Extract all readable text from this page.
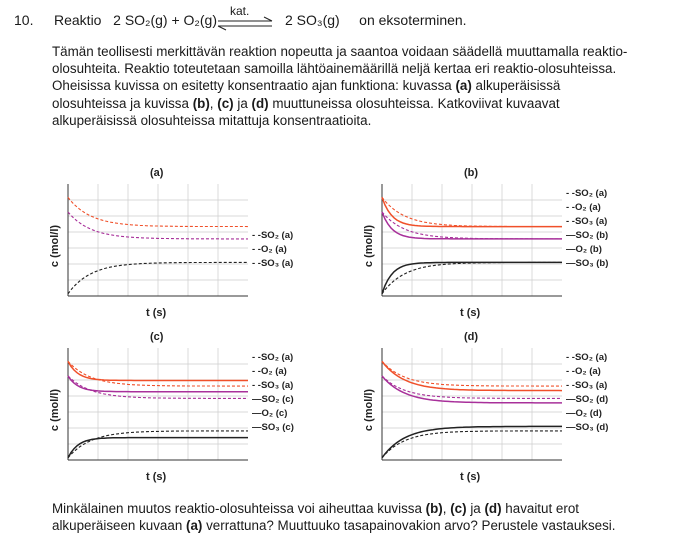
10. Reaktio 2 SO₂(g) + O₂(g)
kat.
2 SO₃(g) on eksoterminen.
Tämän teollisesti merkittävän reaktion nopeutta ja saantoa voidaan säädellä muuttamalla reaktio-olosuhteita. Reaktio toteutetaan samoilla lähtöainemäärillä neljä kertaa eri reaktio-olosuhteissa. Oheisissa kuvissa on esitetty konsentraatio ajan funktiona: kuvassa (a) alkuperäisissä olosuhteissa ja kuvissa (b), (c) ja (d) muuttuneissa olosuhteissa. Katkoviivat kuvaavat alkuperäisissä olosuhteissa mitattuja konsentraatioita.
(a)
t (s)
c (mol/l)	- -SO₂ (a)
- -O₂ (a)
- -SO₃ (a)
(b)
t (s)
c (mol/l)
- -SO₂ (a)
- -O₂ (a)
- -SO₃ (a)
—SO₂ (b)
—O₂ (b)
—SO₃ (b)
(c)
t (s)
c (mol/l)
- -SO₂ (a)
- -O₂ (a)
- -SO₃ (a)
—SO₂ (c)
—O₂ (c)
—SO₃ (c)
(d)
t (s)
c (mol/l)
- -SO₂ (a)
- -O₂ (a)
- -SO₃ (a)
—SO₂ (d)
—O₂ (d)
—SO₃ (d)
Minkälainen muutos reaktio-olosuhteissa voi aiheuttaa kuvissa (b), (c) ja (d) havaitut erot alkuperäiseen kuvaan (a) verrattuna? Muuttuuko tasapainovakion arvo? Perustele vastauksesi.
